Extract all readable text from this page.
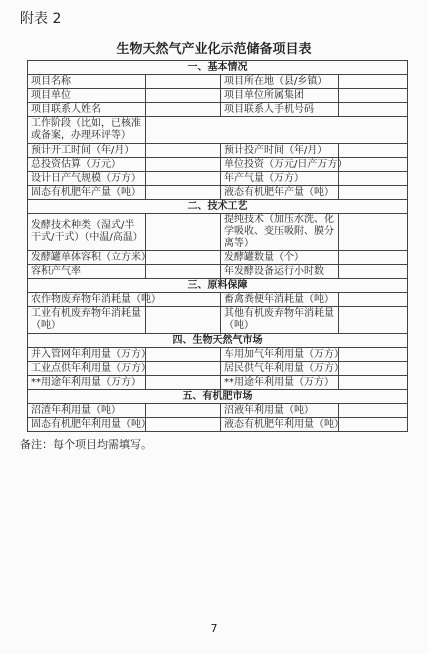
附表 2
生物天然气产业化示范储备项目表
一、基本情况			
项目名称		项目所在地（县/乡镇）	
项目单位		项目单位所属集团	
项目联系人姓名		项目联系人手机号码	
工作阶段（比如，已核准或备案，办理环评等）			
预计开工时间（年/月）		预计投产时间（年/月）	
总投资估算（万元）		单位投资（万元/日产万方）	
设计日产气规模（万方）		年产气量（万方）	
固态有机肥年产量（吨）		液态有机肥年产量（吨）	
二、技术工艺			
发酵技术种类（湿式/半干式/干式）（中温/高温）		提纯技术（加压水洗、化学吸收、变压吸附、膜分离等）	
发酵罐单体容积（立方米）		发酵罐数量（个）	
容积产气率		年发酵设备运行小时数	
三、原料保障			
农作物废弃物年消耗量（吨）		畜禽粪便年消耗量（吨）	
工业有机废弃物年消耗量（吨）		其他有机废弃物年消耗量（吨）	
四、生物天然气市场			
并入管网年利用量（万方）		车用加气年利用量（万方）	
工业点供年利用量（万方）		居民供气年利用量（万方）	
**用途年利用量（万方）		**用途年利用量（万方）	
五、有机肥市场			
沼渣年利用量（吨）		沼液年利用量（吨）	
固态有机肥年利用量（吨）		液态有机肥年利用量（吨）	
备注：每个项目均需填写。
7
